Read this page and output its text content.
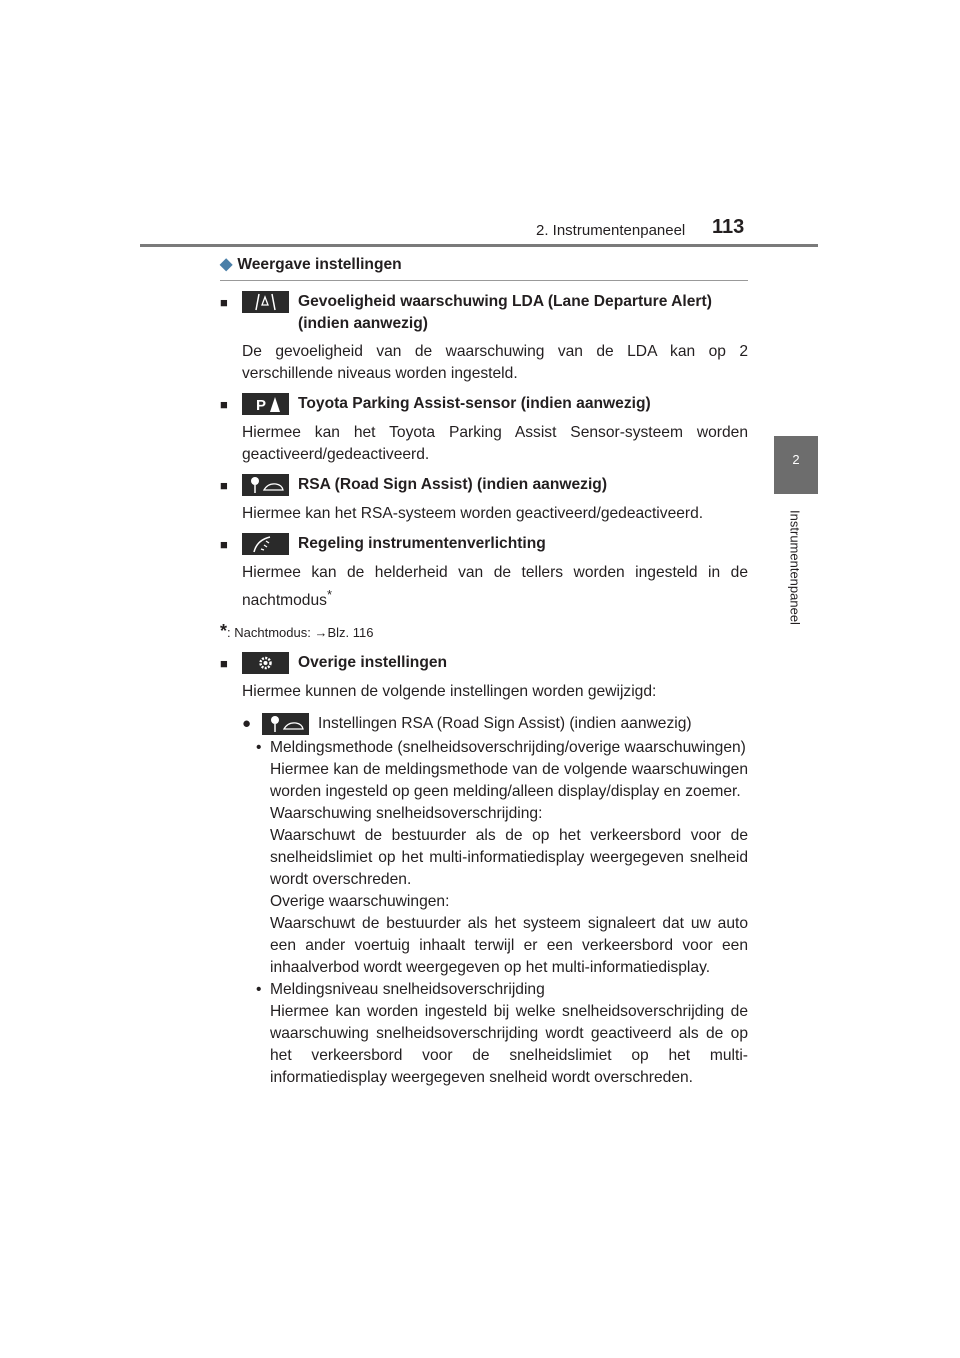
2. Instrumentenpaneel 113
2
Instrumentenpaneel
◆ Weergave instellingen
■	Gevoeligheid waarschuwing LDA (Lane Departure Alert) (indien aanwezig)
De gevoeligheid van de waarschuwing van de LDA kan op 2 verschillende niveaus worden ingesteld.
■	P Toyota Parking Assist-sensor (indien aanwezig)
Hiermee kan het Toyota Parking Assist Sensor-systeem worden geactiveerd/gedeactiveerd.
■	RSA (Road Sign Assist) (indien aanwezig)
Hiermee kan het RSA-systeem worden geactiveerd/gedeactiveerd.
■	Regeling instrumentenverlichting
Hiermee kan de helderheid van de tellers worden ingesteld in de nachtmodus*
*: Nachtmodus: →Blz. 116
■	Overige instellingen
Hiermee kunnen de volgende instellingen worden gewijzigd:
●	Instellingen RSA (Road Sign Assist) (indien aanwezig)
• Meldingsmethode (snelheidsoverschrijding/overige waarschuwingen)
Hiermee kan de meldingsmethode van de volgende waarschuwingen worden ingesteld op geen melding/alleen display/display en zoemer.
Waarschuwing snelheidsoverschrijding:
Waarschuwt de bestuurder als de op het verkeersbord voor de snelheidslimiet op het multi-informatiedisplay weergegeven snelheid wordt overschreden.
Overige waarschuwingen:
Waarschuwt de bestuurder als het systeem signaleert dat uw auto een ander voertuig inhaalt terwijl er een verkeersbord voor een inhaalverbod wordt weergegeven op het multi-informatiedisplay.
• Meldingsniveau snelheidsoverschrijding
Hiermee kan worden ingesteld bij welke snelheidsoverschrijding de waarschuwing snelheidsoverschrijding wordt geactiveerd als de op het verkeersbord voor de snelheidslimiet op het multi-informatiedisplay weergegeven snelheid wordt overschreden.
